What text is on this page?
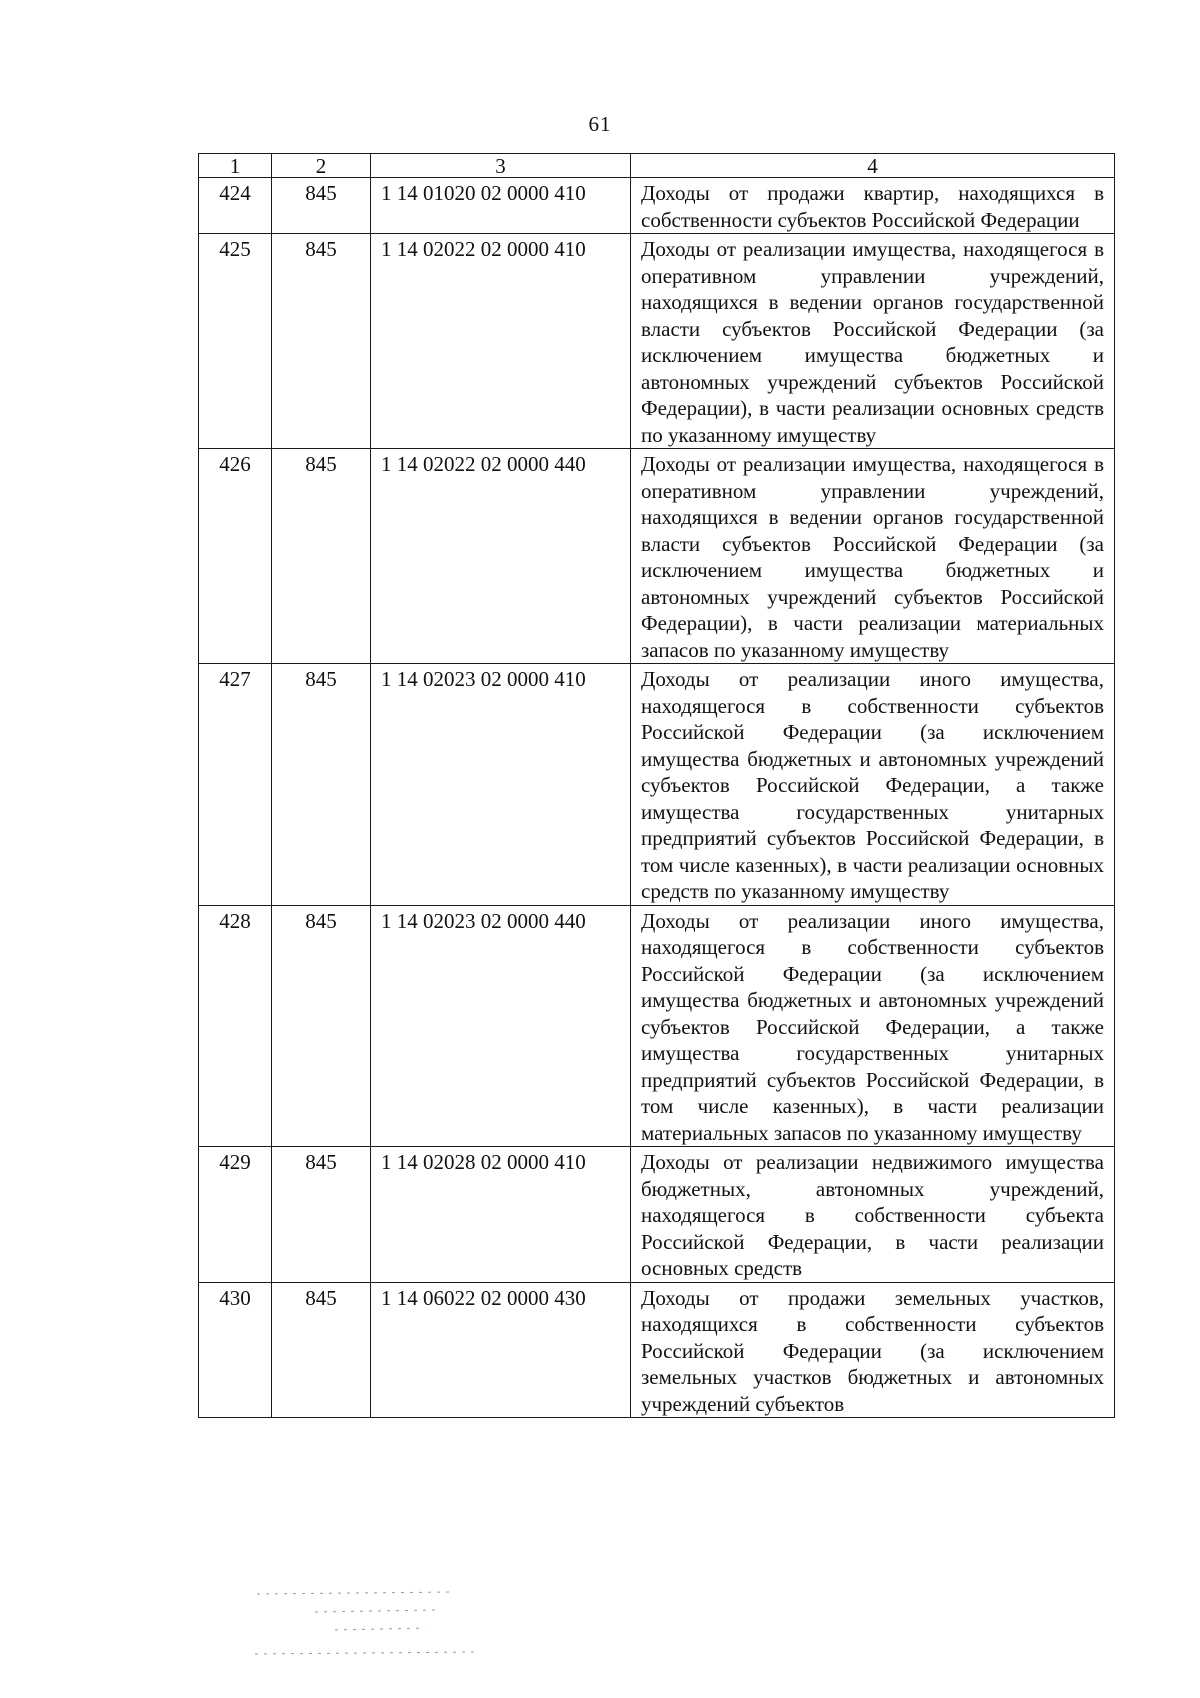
61
1	2	3	4
424	845	1 14 01020 02 0000 410	Доходы от продажи квартир, находящихся в собственности субъектов Российской Федерации
425	845	1 14 02022 02 0000 410	Доходы от реализации имущества, находящегося в оперативном управлении учреждений, находящихся в ведении органов государственной власти субъектов Российской Федерации (за исключением имущества бюджетных и автономных учреждений субъектов Российской Федерации), в части реализации основных средств по указанному имуществу
426	845	1 14 02022 02 0000 440	Доходы от реализации имущества, находящегося в оперативном управлении учреждений, находящихся в ведении органов государственной власти субъектов Российской Федерации (за исключением имущества бюджетных и автономных учреждений субъектов Российской Федерации), в части реализации материальных запасов по указанному имуществу
427	845	1 14 02023 02 0000 410	Доходы от реализации иного имущества, находящегося в собственности субъектов Российской Федерации (за исключением имущества бюджетных и автономных учреждений субъектов Российской Федерации, а также имущества государственных унитарных предприятий субъектов Российской Федерации, в том числе казенных), в части реализации основных средств по указанному имуществу
428	845	1 14 02023 02 0000 440	Доходы от реализации иного имущества, находящегося в собственности субъектов Российской Федерации (за исключением имущества бюджетных и автономных учреждений субъектов Российской Федерации, а также имущества государственных унитарных предприятий субъектов Российской Федерации, в том числе казенных), в части реализации материальных запасов по указанному имуществу
429	845	1 14 02028 02 0000 410	Доходы от реализации недвижимого имущества бюджетных, автономных учреждений, находящегося в собственности субъекта Российской Федерации, в части реализации основных средств
430	845	1 14 06022 02 0000 430	Доходы от продажи земельных участков, находящихся в собственности субъектов Российской Федерации (за исключением земельных участков бюджетных и автономных учреждений субъектов
